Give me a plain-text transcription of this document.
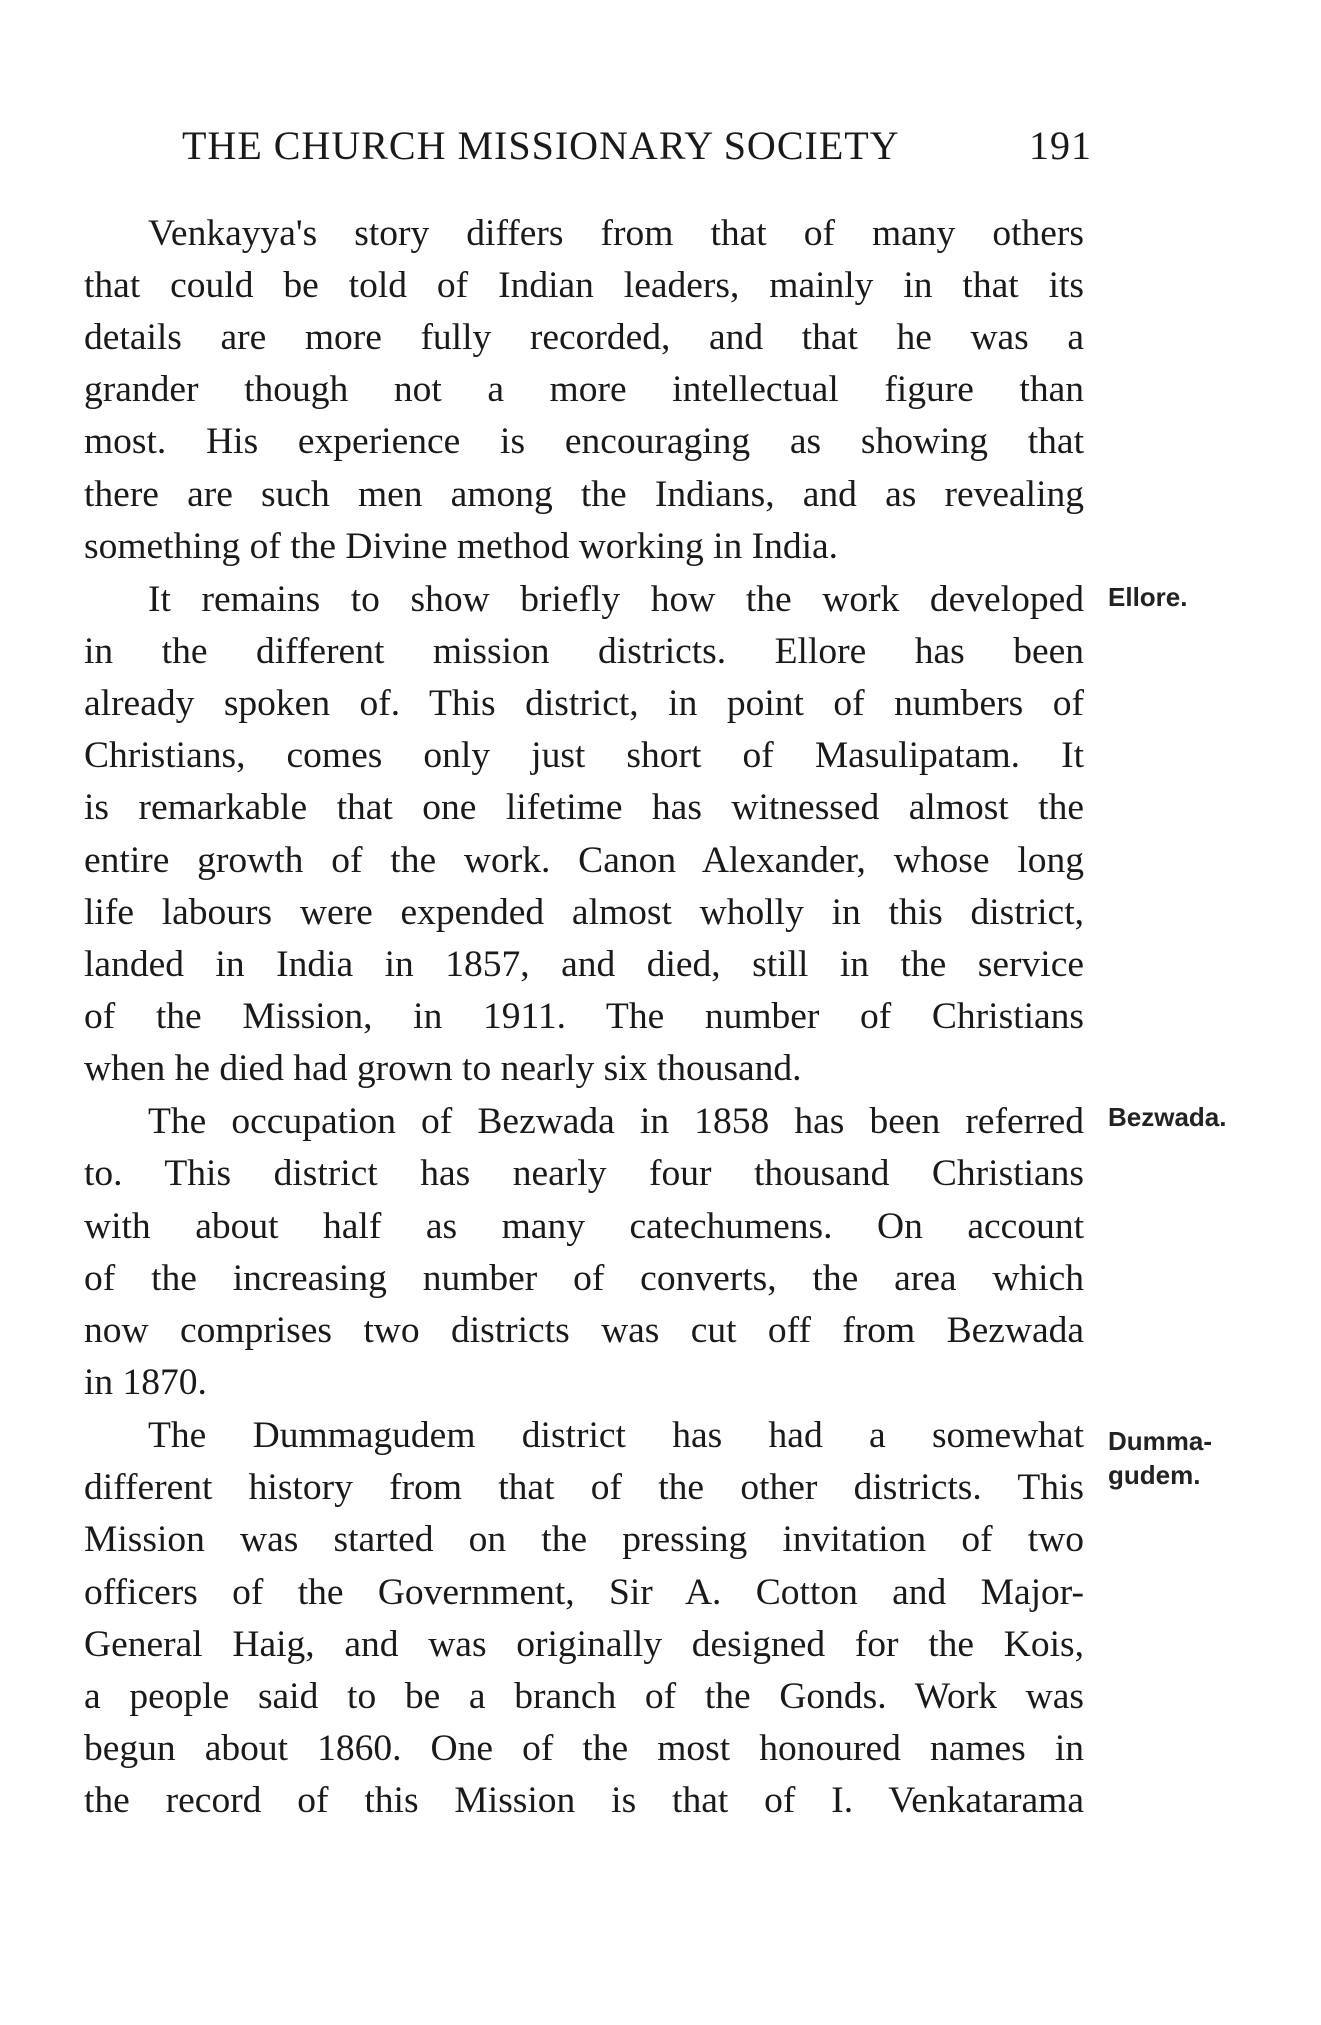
THE CHURCH MISSIONARY SOCIETY	191
Venkayya's story differs from that of many others
that could be told of Indian leaders, mainly in that its
details are more fully recorded, and that he was a
grander though not a more intellectual figure than
most. His experience is encouraging as showing that
there are such men among the Indians, and as revealing
something of the Divine method working in India.
It remains to show briefly how the work developed
in the different mission districts. Ellore has been
already spoken of. This district, in point of numbers of
Christians, comes only just short of Masulipatam. It
is remarkable that one lifetime has witnessed almost the
entire growth of the work. Canon Alexander, whose long
life labours were expended almost wholly in this district,
landed in India in 1857, and died, still in the service
of the Mission, in 1911. The number of Christians
when he died had grown to nearly six thousand.
The occupation of Bezwada in 1858 has been referred
to. This district has nearly four thousand Christians
with about half as many catechumens. On account
of the increasing number of converts, the area which
now comprises two districts was cut off from Bezwada
in 1870.
The Dummagudem district has had a somewhat
different history from that of the other districts. This
Mission was started on the pressing invitation of two
officers of the Government, Sir A. Cotton and Major-
General Haig, and was originally designed for the Kois,
a people said to be a branch of the Gonds. Work was
begun about 1860. One of the most honoured names in
the record of this Mission is that of I. Venkatarama
Ellore.
Bezwada.
Dumma-
gudem.
